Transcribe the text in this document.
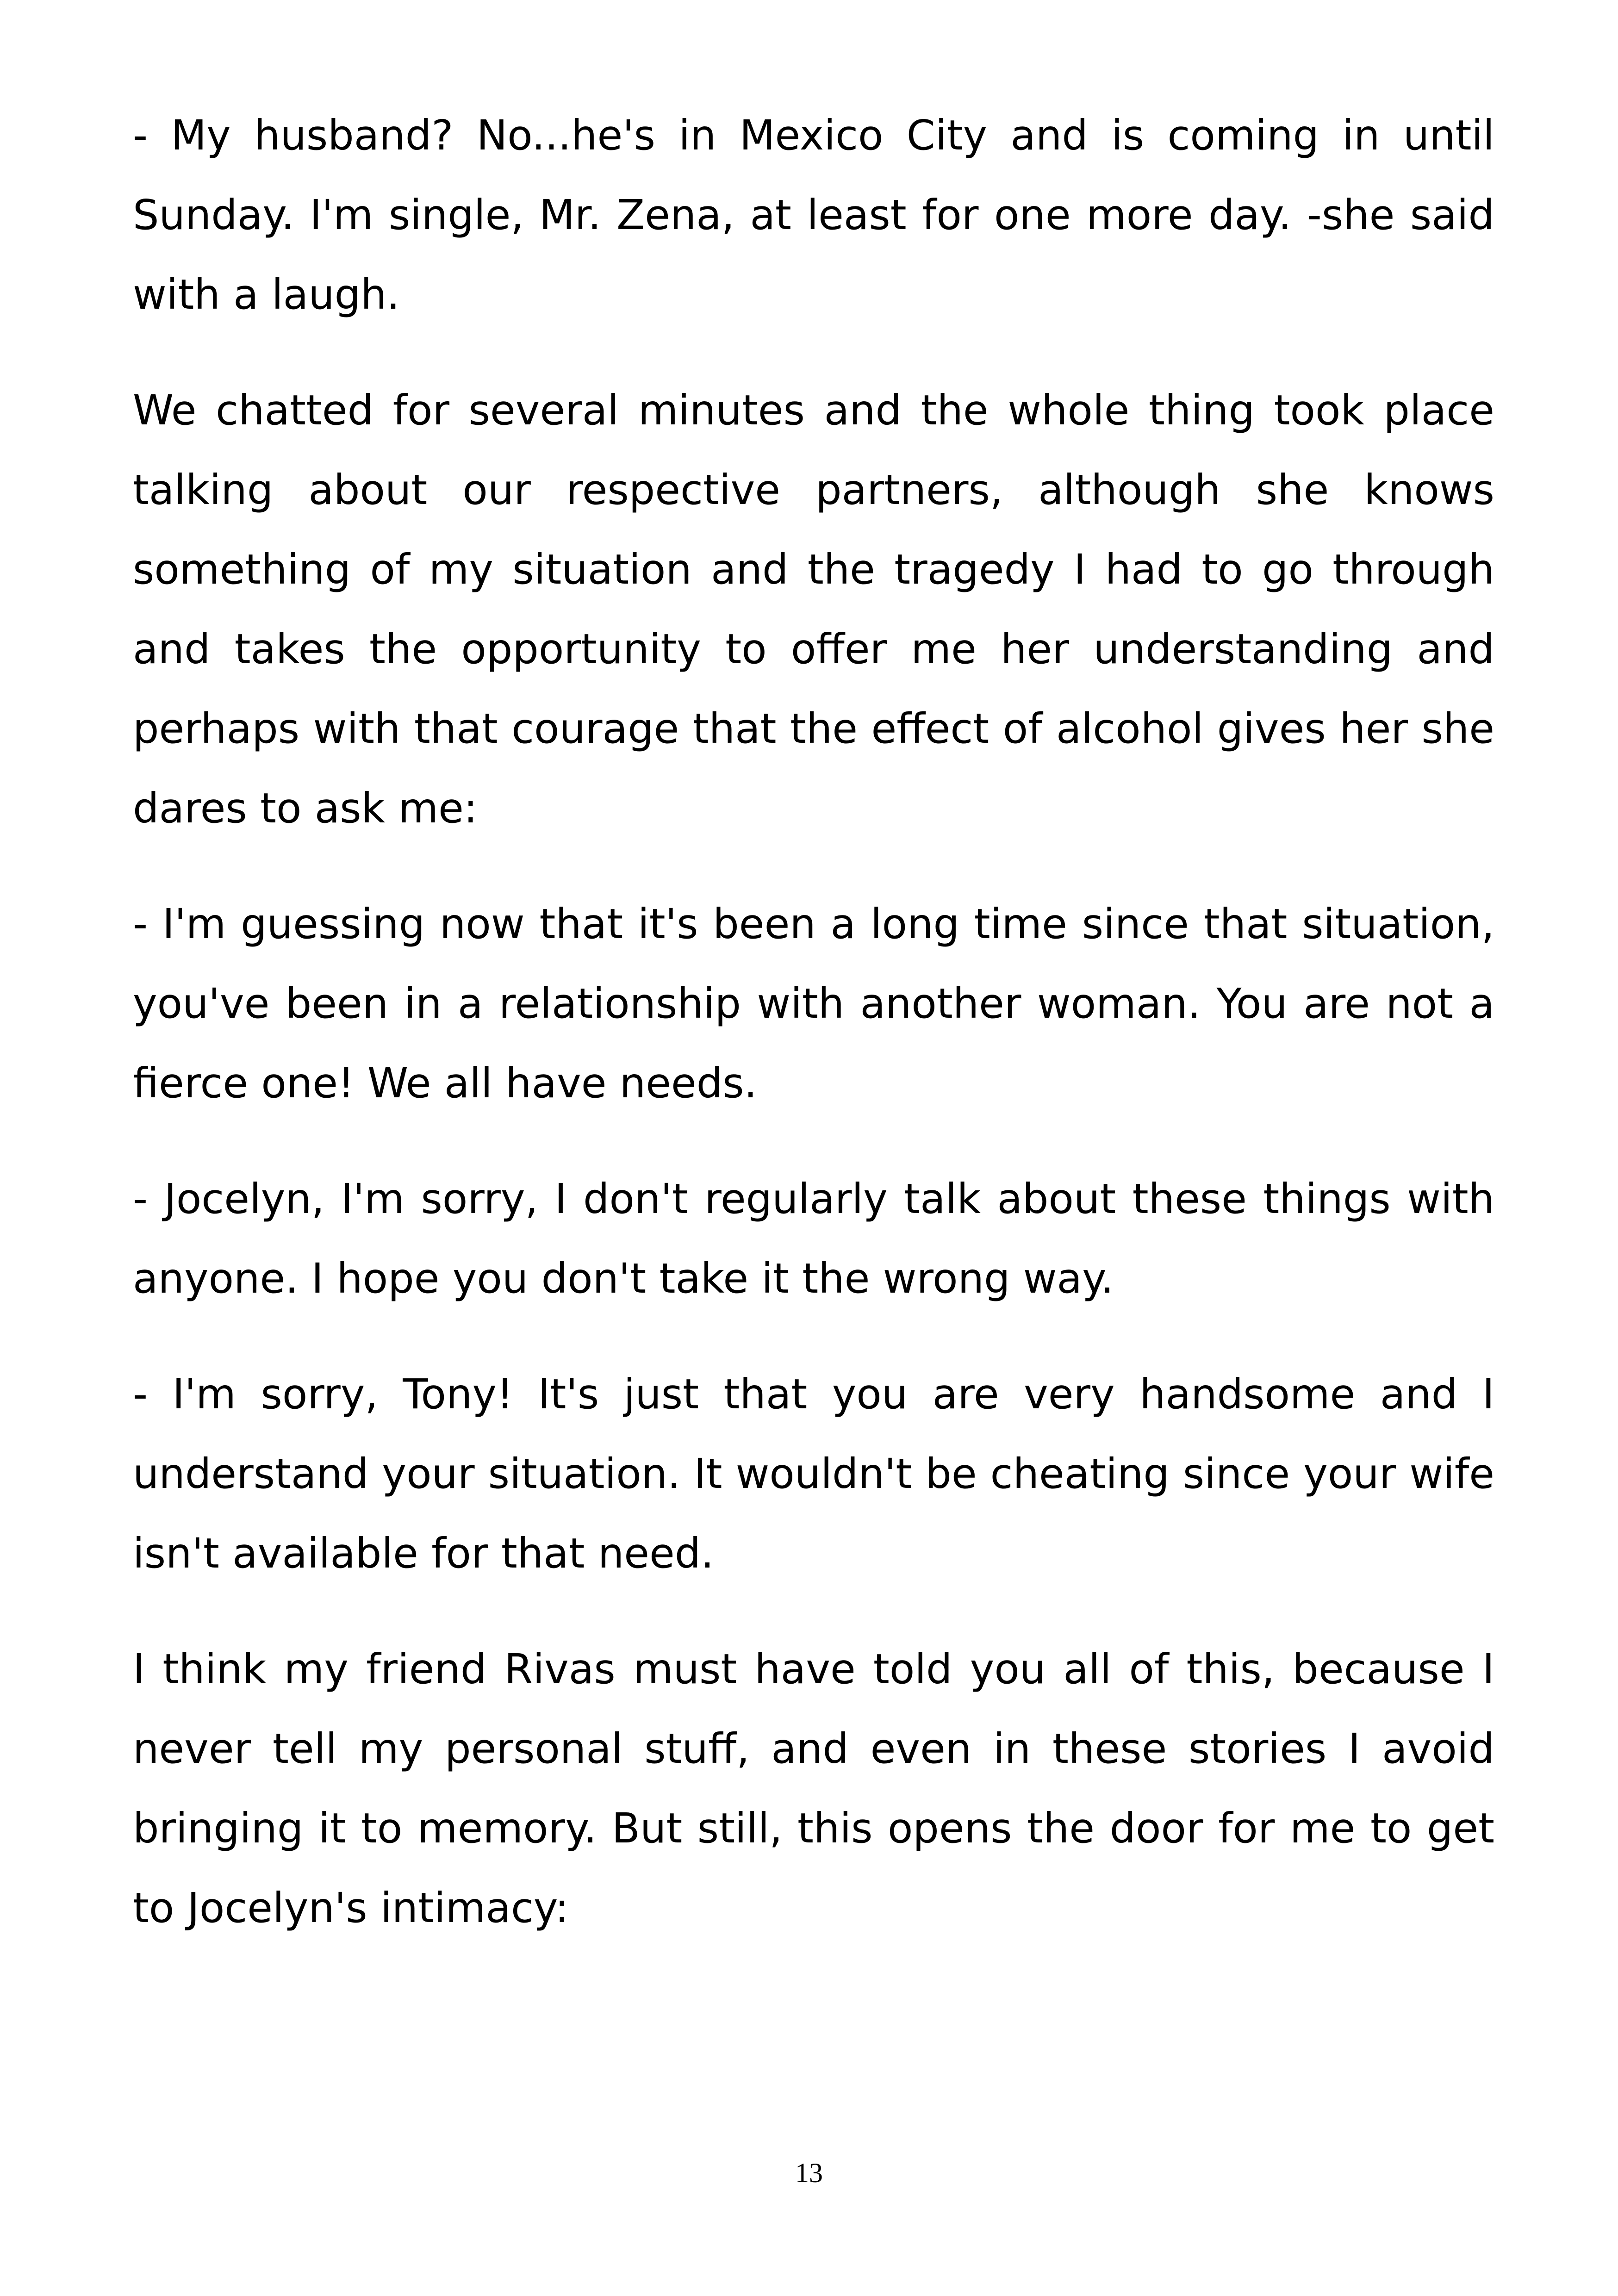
- My husband? No...he's in Mexico City and is coming in until Sunday. I'm single, Mr. Zena, at least for one more day. -she said with a laugh.

We chatted for several minutes and the whole thing took place talking about our respective partners, although she knows something of my situation and the tragedy I had to go through and takes the opportunity to offer me her understanding and perhaps with that courage that the effect of alcohol gives her she dares to ask me:

- I'm guessing now that it's been a long time since that situation, you've been in a relationship with another woman. You are not a fierce one! We all have needs.

- Jocelyn, I'm sorry, I don't regularly talk about these things with anyone. I hope you don't take it the wrong way.

- I'm sorry, Tony! It's just that you are very handsome and I understand your situation. It wouldn't be cheating since your wife isn't available for that need.

I think my friend Rivas must have told you all of this, because I never tell my personal stuff, and even in these stories I avoid bringing it to memory. But still, this opens the door for me to get to Jocelyn's intimacy:

13
